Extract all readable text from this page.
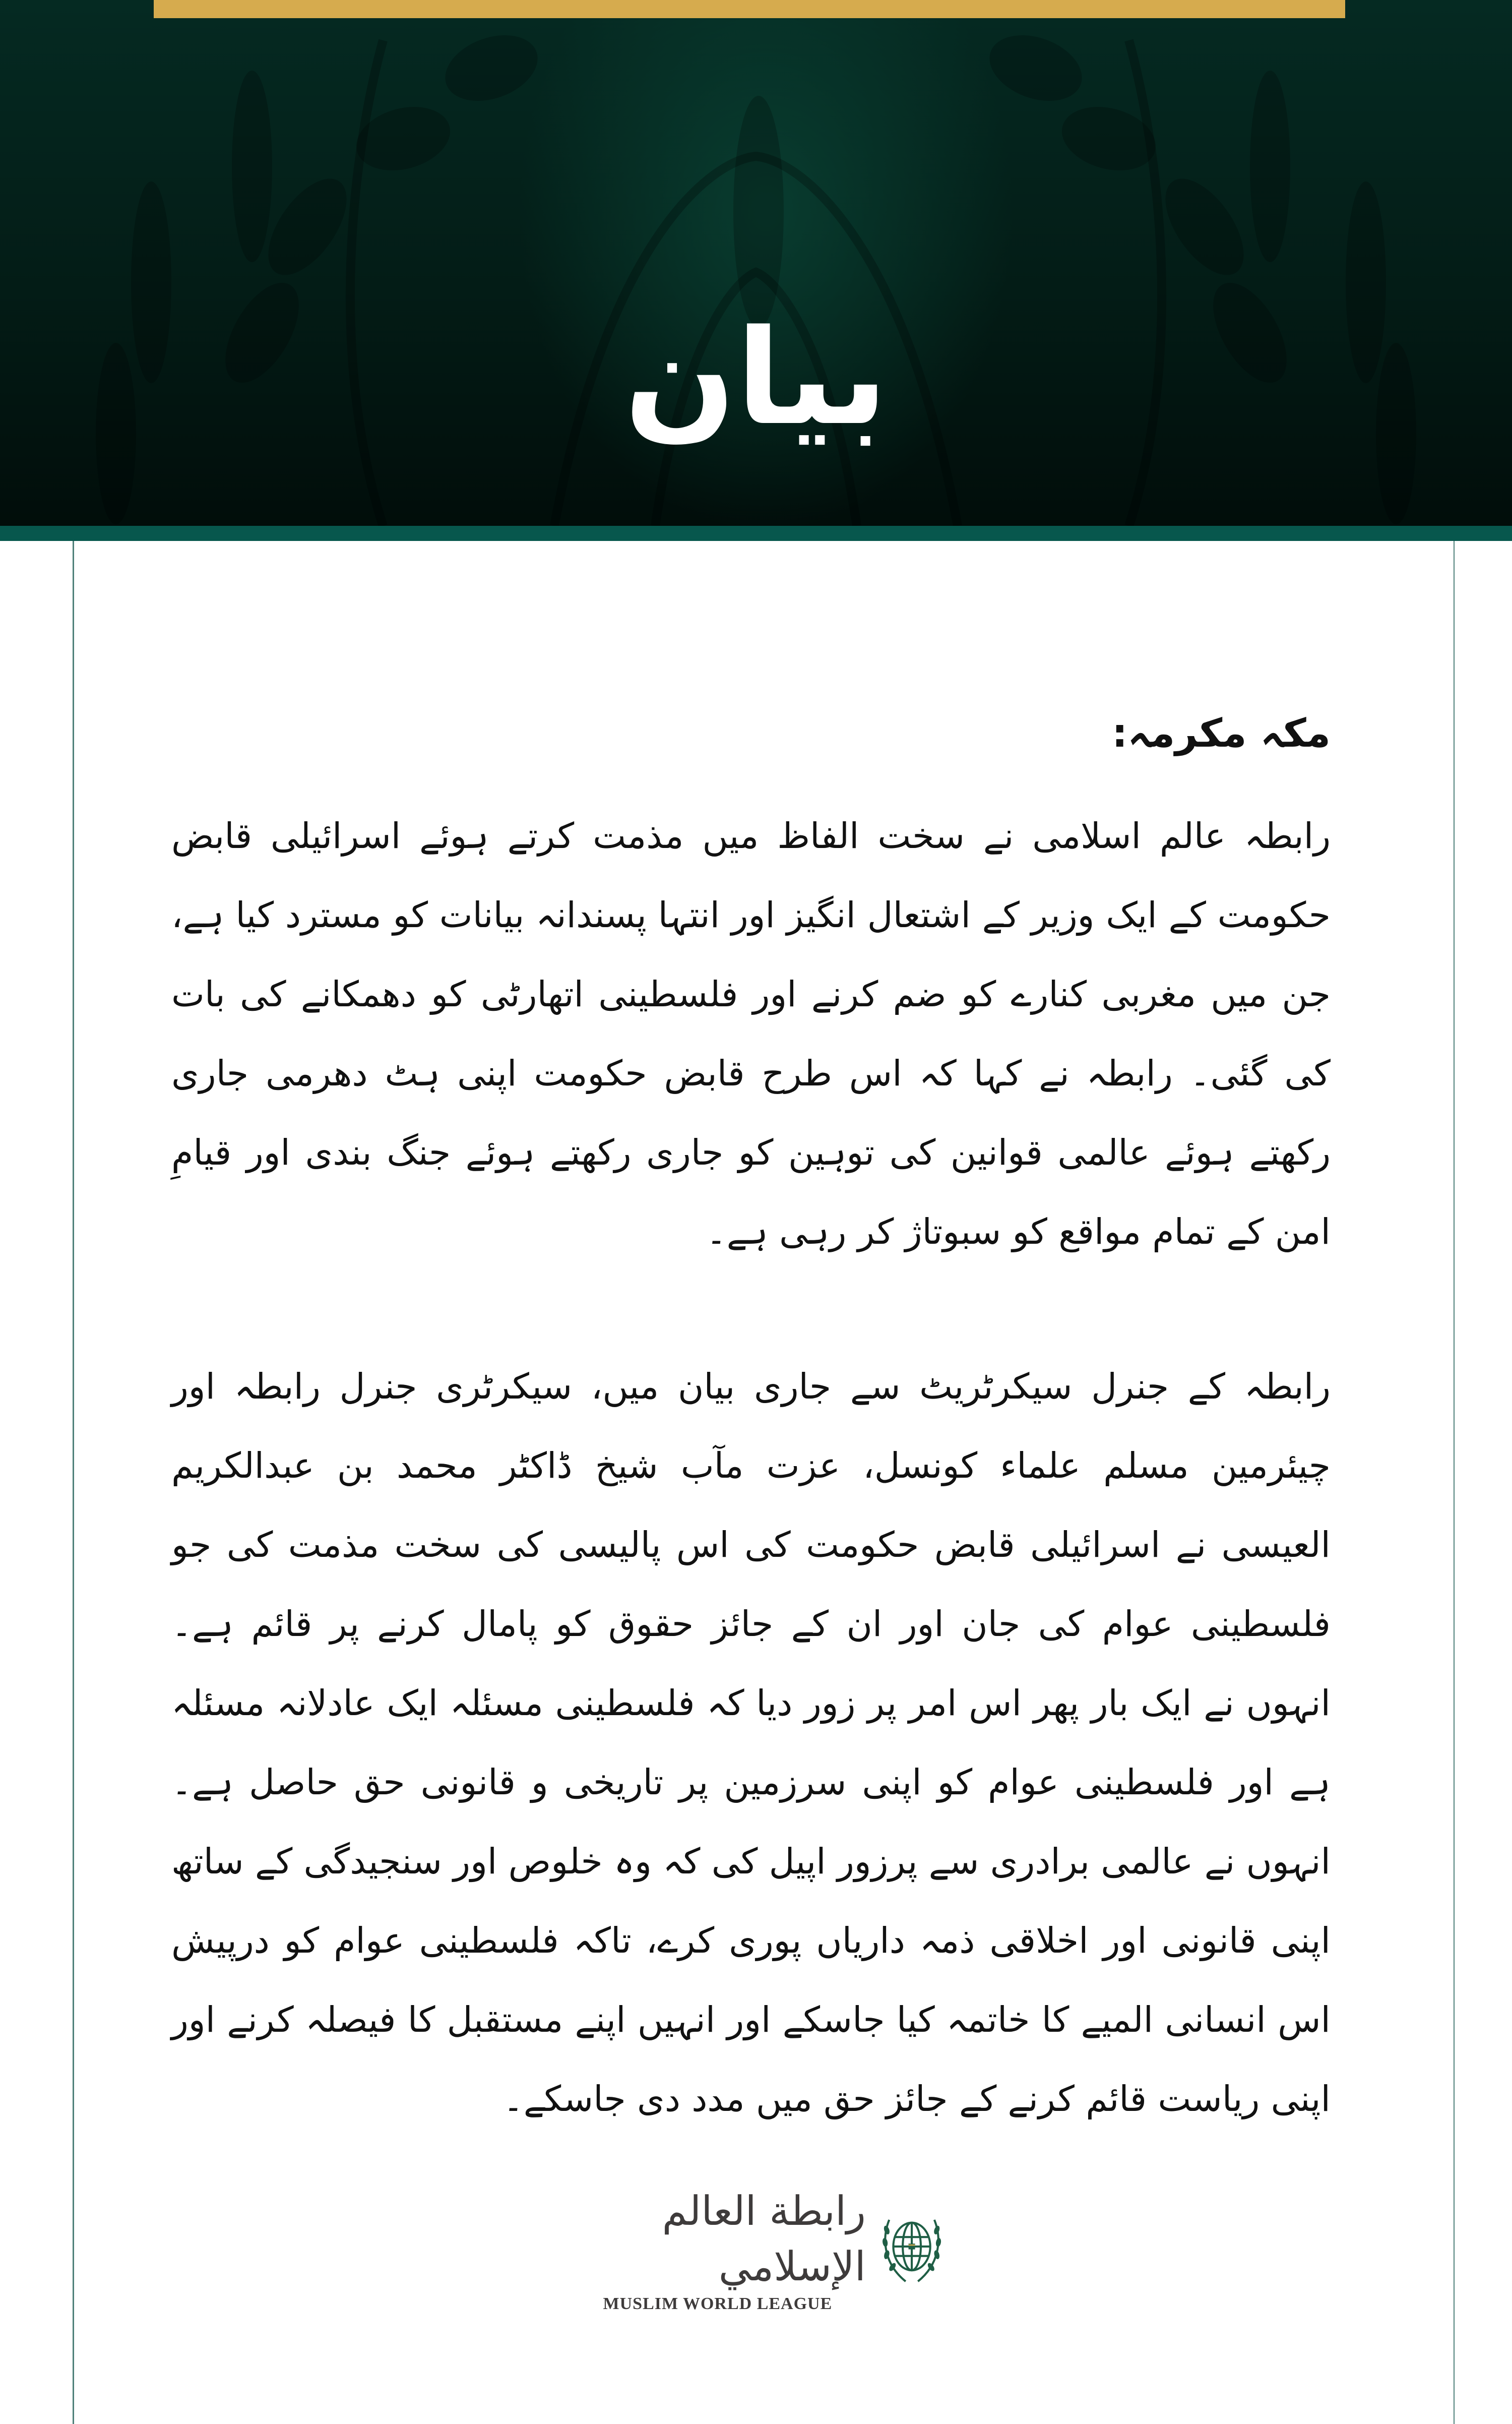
بیان

مکہ مکرمہ:

رابطہ عالم اسلامی نے سخت الفاظ میں مذمت کرتے ہوئے اسرائیلی قابض حکومت کے ایک وزیر کے اشتعال انگیز اور انتہا پسندانہ بیانات کو مسترد کیا ہے، جن میں مغربی کنارے کو ضم کرنے اور فلسطینی اتھارٹی کو دھمکانے کی بات کی گئی۔ رابطہ نے کہا کہ اس طرح قابض حکومت اپنی ہٹ دھرمی جاری رکھتے ہوئے عالمی قوانین کی توہین کو جاری رکھتے ہوئے جنگ بندی اور قیامِ امن کے تمام مواقع کو سبوتاژ کر رہی ہے۔

رابطہ کے جنرل سیکرٹریٹ سے جاری بیان میں، سیکرٹری جنرل رابطہ اور چیئرمین مسلم علماء کونسل، عزت مآب شیخ ڈاکٹر محمد بن عبدالکریم العیسی نے اسرائیلی قابض حکومت کی اس پالیسی کی سخت مذمت کی جو فلسطینی عوام کی جان اور ان کے جائز حقوق کو پامال کرنے پر قائم ہے۔ انہوں نے ایک بار پھر اس امر پر زور دیا کہ فلسطینی مسئلہ ایک عادلانہ مسئلہ ہے اور فلسطینی عوام کو اپنی سرزمین پر تاریخی و قانونی حق حاصل ہے۔ انہوں نے عالمی برادری سے پرزور اپیل کی کہ وہ خلوص اور سنجیدگی کے ساتھ اپنی قانونی اور اخلاقی ذمہ داریاں پوری کرے، تاکہ فلسطینی عوام کو درپیش اس انسانی المیے کا خاتمہ کیا جاسکے اور انہیں اپنے مستقبل کا فیصلہ کرنے اور اپنی ریاست قائم کرنے کے جائز حق میں مدد دی جاسکے۔

رابطة العالم الإسلامي
MUSLIM WORLD LEAGUE
